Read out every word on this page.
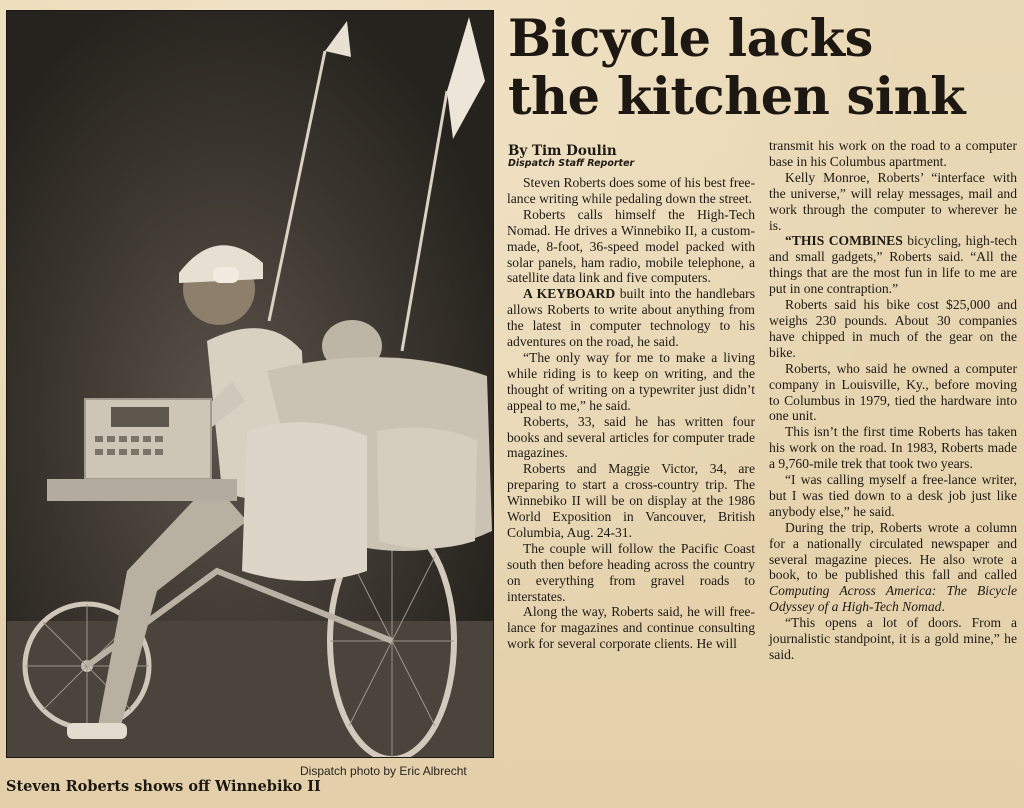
Dispatch photo by Eric Albrecht
Steven Roberts shows off Winnebiko II
Bicycle lacks
the kitchen sink
By Tim Doulin
Dispatch Staff Reporter

Steven Roberts does some of his best free-lance writing while pedaling down the street.

Roberts calls himself the High-Tech Nomad. He drives a Winnebiko II, a custom-made, 8-foot, 36-speed model packed with solar panels, ham radio, mobile telephone, a satellite data link and five computers.

A KEYBOARD built into the handlebars allows Roberts to write about anything from the latest in computer technology to his adventures on the road, he said.

“The only way for me to make a living while riding is to keep on writing, and the thought of writing on a typewriter just didn’t appeal to me,” he said.

Roberts, 33, said he has written four books and several articles for computer trade magazines.

Roberts and Maggie Victor, 34, are preparing to start a cross-country trip. The Winnebiko II will be on display at the 1986 World Exposition in Vancouver, British Columbia, Aug. 24-31.

The couple will follow the Pacific Coast south then before heading across the country on everything from gravel roads to interstates.

Along the way, Roberts said, he will free-lance for magazines and continue consulting work for several corporate clients. He will

transmit his work on the road to a computer base in his Columbus apartment.

Kelly Monroe, Roberts’ “interface with the universe,” will relay messages, mail and work through the computer to wherever he is.

“THIS COMBINES bicycling, high-tech and small gadgets,” Roberts said. “All the things that are the most fun in life to me are put in one contraption.”

Roberts said his bike cost $25,000 and weighs 230 pounds. About 30 companies have chipped in much of the gear on the bike.

Roberts, who said he owned a computer company in Louisville, Ky., before moving to Columbus in 1979, tied the hardware into one unit.

This isn’t the first time Roberts has taken his work on the road. In 1983, Roberts made a 9,760-mile trek that took two years.

“I was calling myself a free-lance writer, but I was tied down to a desk job just like anybody else,” he said.

During the trip, Roberts wrote a column for a nationally circulated newspaper and several magazine pieces. He also wrote a book, to be published this fall and called Computing Across America: The Bicycle Odyssey of a High-Tech Nomad.

“This opens a lot of doors. From a journalistic standpoint, it is a gold mine,” he said.
